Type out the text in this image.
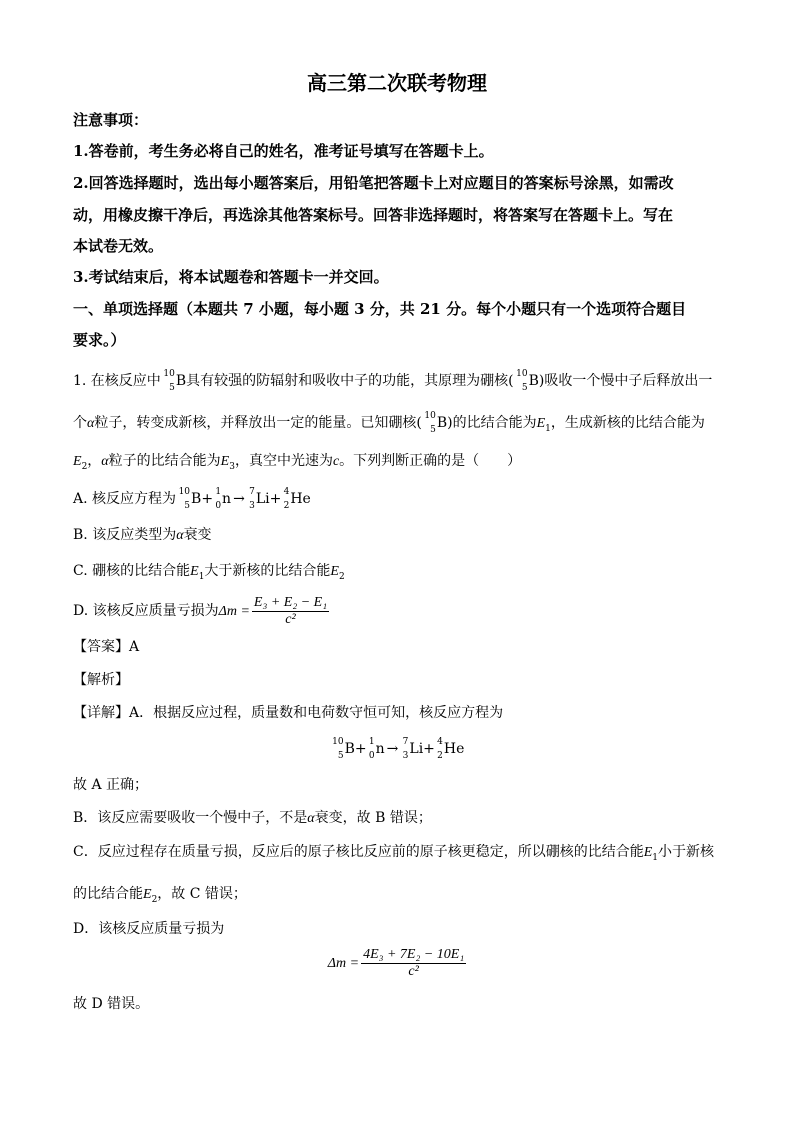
高三第二次联考物理
注意事项：
1.答卷前，考生务必将自己的姓名，准考证号填写在答题卡上。
2.回答选择题时，选出每小题答案后，用铅笔把答题卡上对应题目的答案标号涂黑，如需改
动，用橡皮擦干净后，再选涂其他答案标号。回答非选择题时，将答案写在答题卡上。写在
本试卷无效。
3.考试结束后，将本试题卷和答题卡一并交回。
一、单项选择题（本题共 7 小题，每小题 3 分，共 21 分。每个小题只有一个选项符合题目
要求。）
1. 在核反应中 10
5 B具有较强的防辐射和吸收中子的功能，其原理为硼核( 10
5 B)吸收一个慢中子后释放出一
个α粒子，转变成新核，并释放出一定的能量。已知硼核( 10
5 B)的比结合能为$E_1$，生成新核的比结合能为
$E_2$，α粒子的比结合能为$E_3$，真空中光速为c。下列判断正确的是（　　）
A. 核反应方程为 10
5 B+ 1
0 n → 7
3 Li+ 4
2 He
B. 该反应类型为α衰变
C. 硼核的比结合能$E_1$大于新核的比结合能$E_2$
D. 该核反应质量亏损为$\Delta m = \frac{\text{E₃ + E₂ − E₁}}{\text{c²}}$
【答案】A
【解析】
【详解】A．根据反应过程，质量数和电荷数守恒可知，核反应方程为
10
5 B+ 1
0 n → 7
3 Li+ 4
2 He
故 A 正确；
B．该反应需要吸收一个慢中子，不是α衰变，故 B 错误；
C．反应过程存在质量亏损，反应后的原子核比反应前的原子核更稳定，所以硼核的比结合能$E_1$小于新核
的比结合能$E_2$，故 C 错误；
D．该核反应质量亏损为
$\Delta m = \frac{\text{4E₃ + 7E₂ − 10E₁}}{\text{c²}}$
故 D 错误。
